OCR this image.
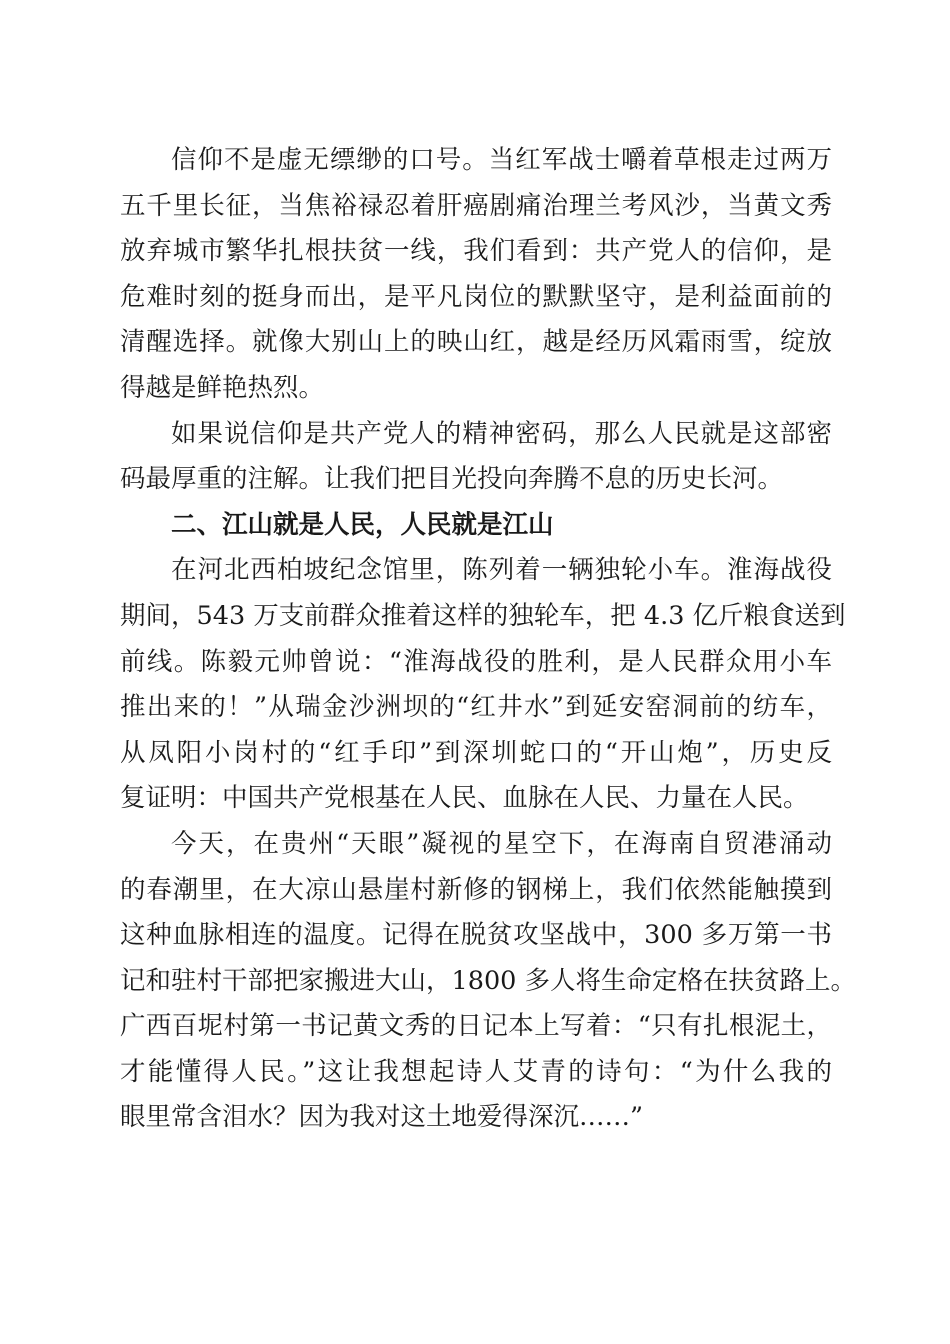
信仰不是虚无缥缈的口号。当红军战士嚼着草根走过两万
五千里长征，当焦裕禄忍着肝癌剧痛治理兰考风沙，当黄文秀
放弃城市繁华扎根扶贫一线，我们看到：共产党人的信仰，是
危难时刻的挺身而出，是平凡岗位的默默坚守，是利益面前的
清醒选择。就像大别山上的映山红，越是经历风霜雨雪，绽放
得越是鲜艳热烈。
如果说信仰是共产党人的精神密码，那么人民就是这部密
码最厚重的注解。让我们把目光投向奔腾不息的历史长河。
二、江山就是人民，人民就是江山
在河北西柏坡纪念馆里，陈列着一辆独轮小车。淮海战役
期间，543 万支前群众推着这样的独轮车，把 4.3 亿斤粮食送到
前线。陈毅元帅曾说：“淮海战役的胜利，是人民群众用小车
推出来的！”从瑞金沙洲坝的“红井水”到延安窑洞前的纺车，
从凤阳小岗村的“红手印”到深圳蛇口的“开山炮”，历史反
复证明：中国共产党根基在人民、血脉在人民、力量在人民。
今天，在贵州“天眼”凝视的星空下，在海南自贸港涌动
的春潮里，在大凉山悬崖村新修的钢梯上，我们依然能触摸到
这种血脉相连的温度。记得在脱贫攻坚战中，300 多万第一书
记和驻村干部把家搬进大山，1800 多人将生命定格在扶贫路上。
广西百坭村第一书记黄文秀的日记本上写着：“只有扎根泥土，
才能懂得人民。”这让我想起诗人艾青的诗句：“为什么我的
眼里常含泪水？因为我对这土地爱得深沉……”
